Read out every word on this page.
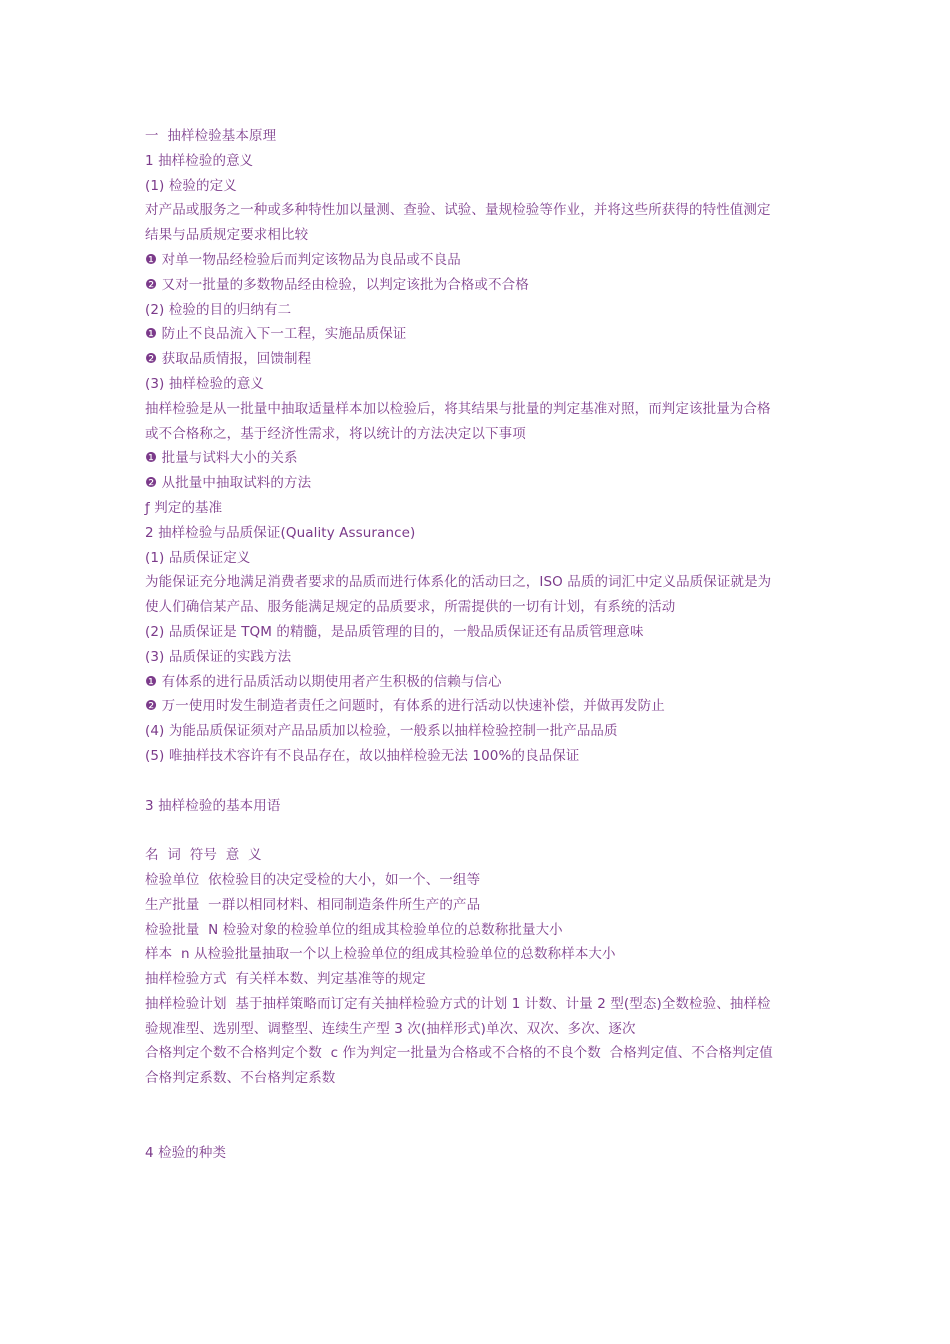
一  抽样检验基本原理
1 抽样检验的意义
(1) 检验的定义
对产品或服务之一种或多种特性加以量测、查验、试验、量规检验等作业，并将这些所获得的特性值测定
结果与品质规定要求相比较
❶ 对单一物品经检验后而判定该物品为良品或不良品
❷ 又对一批量的多数物品经由检验，以判定该批为合格或不合格
(2) 检验的目的归纳有二
❶ 防止不良品流入下一工程，实施品质保证
❷ 获取品质情报，回馈制程
(3) 抽样检验的意义
抽样检验是从一批量中抽取适量样本加以检验后，将其结果与批量的判定基准对照，而判定该批量为合格
或不合格称之，基于经济性需求，将以统计的方法决定以下事项
❶ 批量与试料大小的关系
❷ 从批量中抽取试料的方法
ƒ 判定的基准
2 抽样检验与品质保证(Quality Assurance)
(1) 品质保证定义
为能保证充分地满足消费者要求的品质而进行体系化的活动曰之，ISO 品质的词汇中定义品质保证就是为
使人们确信某产品、服务能满足规定的品质要求，所需提供的一切有计划，有系统的活动
(2) 品质保证是 TQM 的精髓，是品质管理的目的，一般品质保证还有品质管理意味
(3) 品质保证的实践方法
❶ 有体系的进行品质活动以期使用者产生积极的信赖与信心
❷ 万一使用时发生制造者责任之问题时，有体系的进行活动以快速补偿，并做再发防止
(4) 为能品质保证须对产品品质加以检验，一般系以抽样检验控制一批产品品质
(5) 唯抽样技术容许有不良品存在，故以抽样检验无法 100%的良品保证
3 抽样检验的基本用语
名  词  符号  意  义
检验单位  依检验目的决定受检的大小，如一个、一组等
生产批量  一群以相同材料、相同制造条件所生产的产品
检验批量  N 检验对象的检验单位的组成其检验单位的总数称批量大小
样本  n 从检验批量抽取一个以上检验单位的组成其检验单位的总数称样本大小
抽样检验方式  有关样本数、判定基准等的规定
抽样检验计划  基于抽样策略而订定有关抽样检验方式的计划 1 计数、计量 2 型(型态)全数检验、抽样检
验规准型、选别型、调整型、连续生产型 3 次(抽样形式)单次、双次、多次、逐次
合格判定个数不合格判定个数  c 作为判定一批量为合格或不合格的不良个数  合格判定值、不合格判定值
合格判定系数、不台格判定系数
4 检验的种类
